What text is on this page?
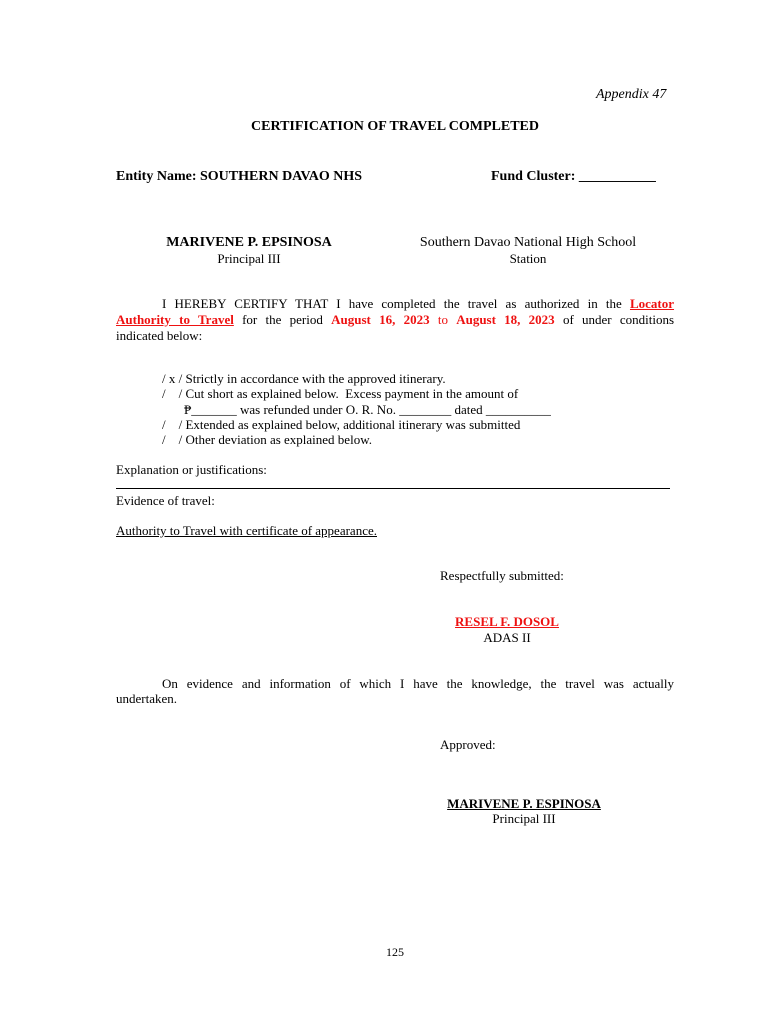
Appendix 47
CERTIFICATION OF TRAVEL COMPLETED
Entity Name: SOUTHERN DAVAO NHS	Fund Cluster: ___________
MARIVENE P. EPSINOSA
Principal III
Southern Davao National High School
Station
I HEREBY CERTIFY THAT I have completed the travel as authorized in the Locator
Authority to Travel for the period August 16, 2023 to August 18, 2023 of under conditions
indicated below:
/ x / Strictly in accordance with the approved itinerary.
/    / Cut short as explained below.  Excess payment in the amount of
₱_______ was refunded under O. R. No. ________ dated __________
/    / Extended as explained below, additional itinerary was submitted
/    / Other deviation as explained below.
Explanation or justifications:
Evidence of travel:
Authority to Travel with certificate of appearance.
Respectfully submitted:
RESEL F. DOSOL
ADAS II
On evidence and information of which I have the knowledge, the travel was actually
undertaken.
Approved:
MARIVENE P. ESPINOSA
Principal III
125
